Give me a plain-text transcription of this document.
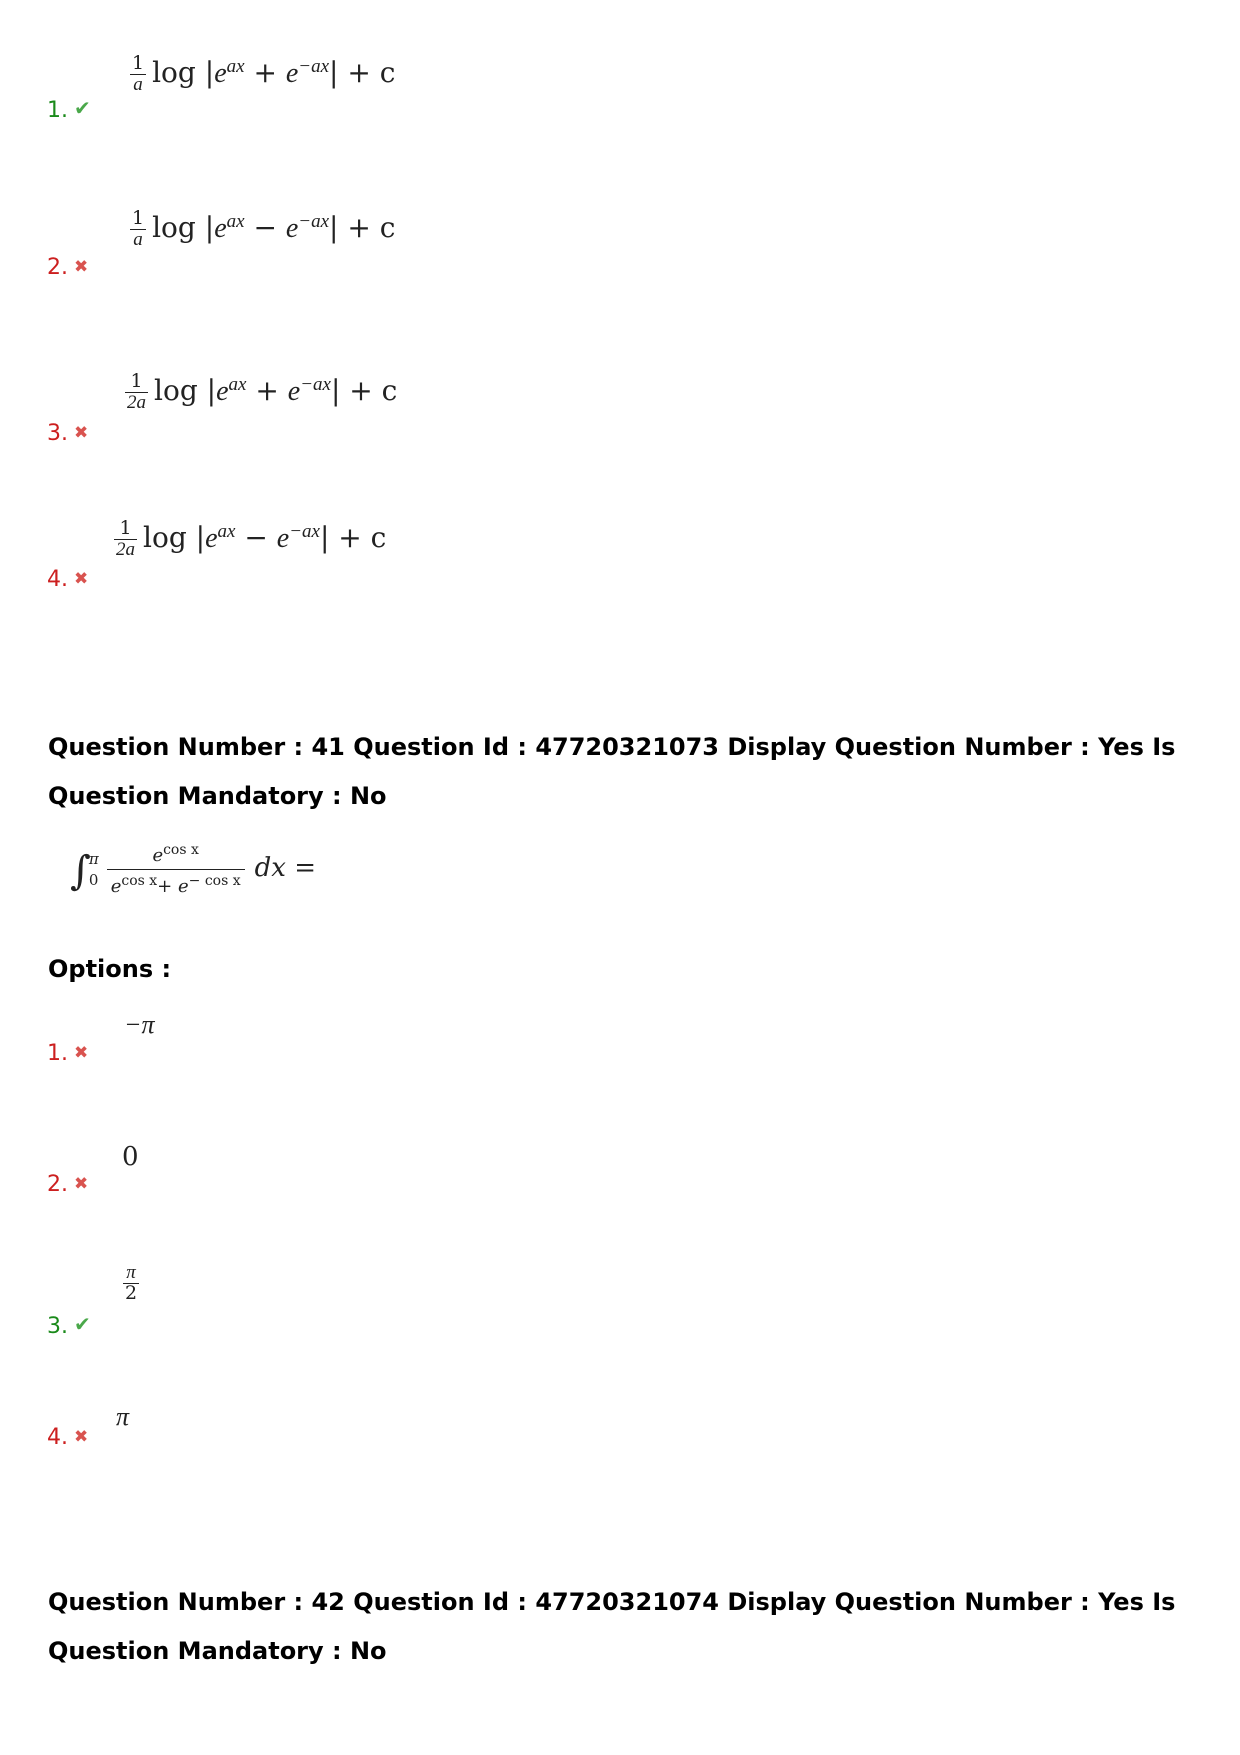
1. ✔
$\frac{1}{a}$ $\log |e^{ax} + e^{-ax}| + c$
2. ✖
$\frac{1}{a}$ $\log |e^{ax} - e^{-ax}| + c$
3. ✖
$\frac{1}{2a}$ $\log |e^{ax} + e^{-ax}| + c$
4. ✖
$\frac{1}{2a}$ $\log |e^{ax} - e^{-ax}| + c$
Question Number : 41 Question Id : 47720321073 Display Question Number : Yes Is Question Mandatory : No
∫
π
$0 \frac{e^{cos x}}{e^{cos x}+ e^{- cos x}}$ dx =
Options :
1. ✖
−π
2. ✖
0
3. ✔
$\frac{\pi}{2}$
4. ✖
π
Question Number : 42 Question Id : 47720321074 Display Question Number : Yes Is Question Mandatory : No
